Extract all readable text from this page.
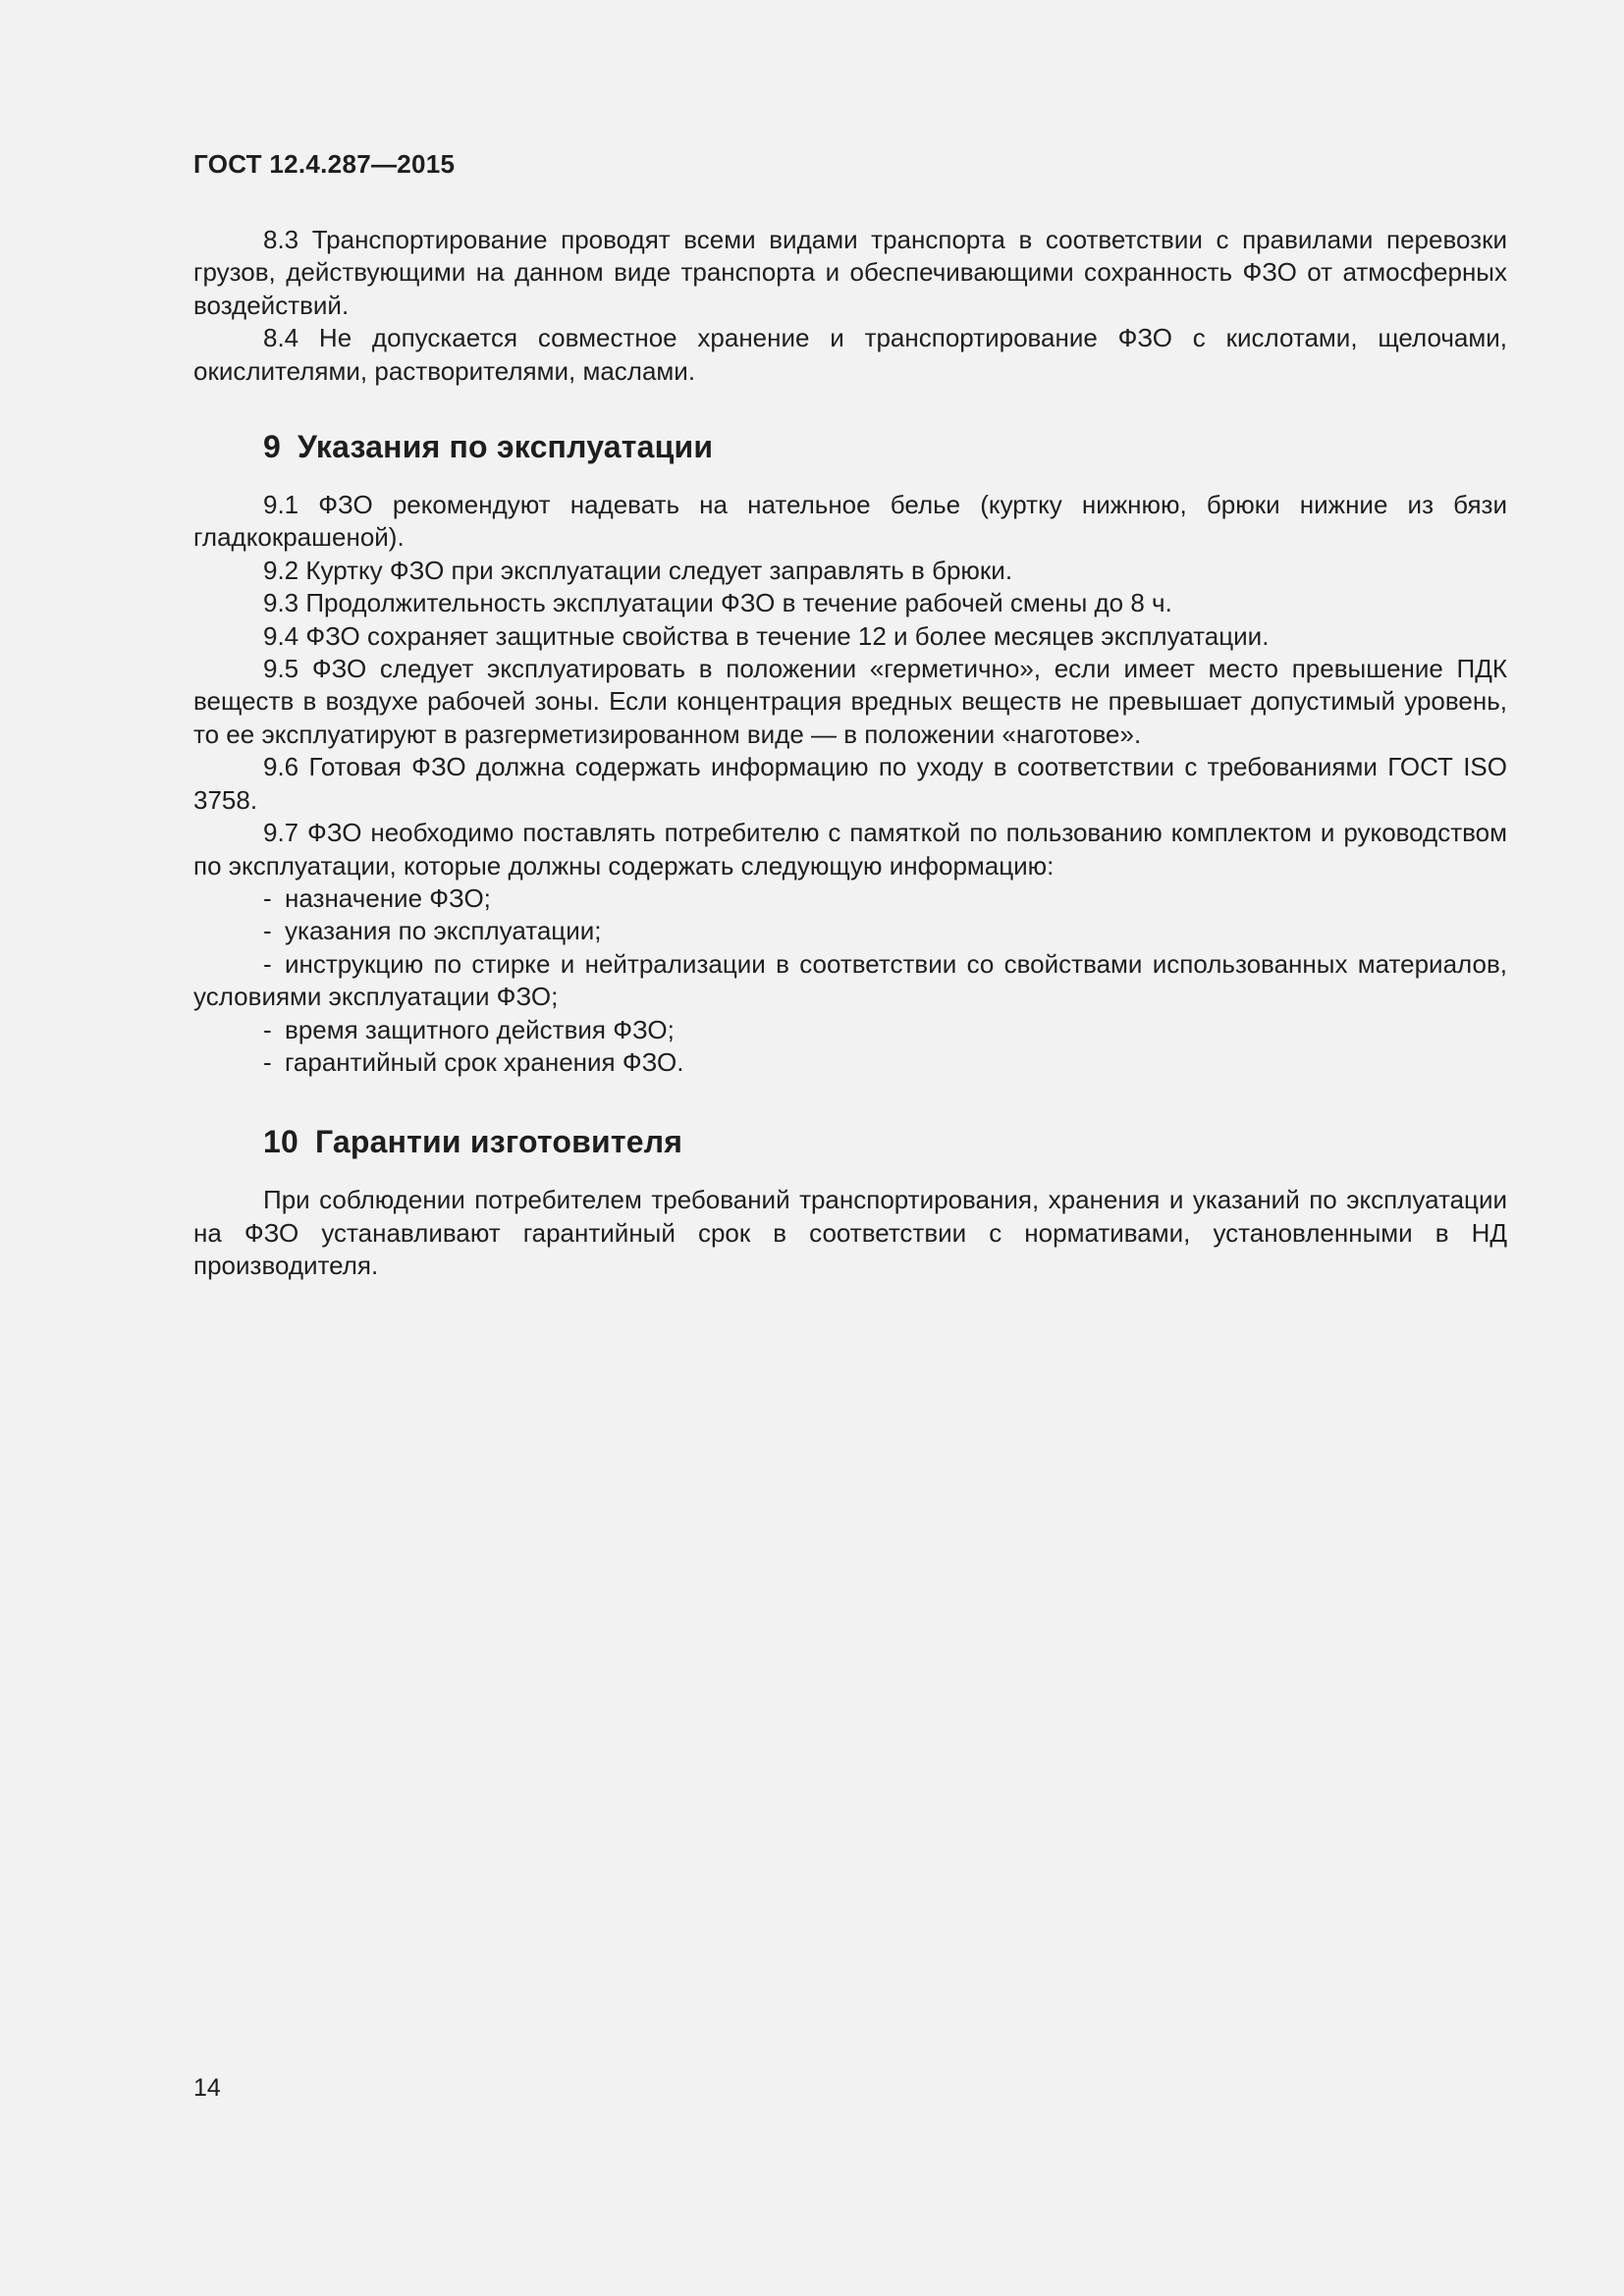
ГОСТ 12.4.287—2015

8.3 Транспортирование проводят всеми видами транспорта в соответствии с правилами перевозки грузов, действующими на данном виде транспорта и обеспечивающими сохранность ФЗО от атмосферных воздействий.

8.4 Не допускается совместное хранение и транспортирование ФЗО с кислотами, щелочами, окислителями, растворителями, маслами.

9 Указания по эксплуатации

9.1 ФЗО рекомендуют надевать на нательное белье (куртку нижнюю, брюки нижние из бязи гладкокрашеной).

9.2 Куртку ФЗО при эксплуатации следует заправлять в брюки.

9.3 Продолжительность эксплуатации ФЗО в течение рабочей смены до 8 ч.

9.4 ФЗО сохраняет защитные свойства в течение 12 и более месяцев эксплуатации.

9.5 ФЗО следует эксплуатировать в положении «герметично», если имеет место превышение ПДК веществ в воздухе рабочей зоны. Если концентрация вредных веществ не превышает допустимый уровень, то ее эксплуатируют в разгерметизированном виде — в положении «наготове».

9.6 Готовая ФЗО должна содержать информацию по уходу в соответствии с требованиями ГОСТ ISO 3758.

9.7 ФЗО необходимо поставлять потребителю с памяткой по пользованию комплектом и руководством по эксплуатации, которые должны содержать следующую информацию:

- назначение ФЗО;

- указания по эксплуатации;

- инструкцию по стирке и нейтрализации в соответствии со свойствами использованных материалов, условиями эксплуатации ФЗО;

- время защитного действия ФЗО;

- гарантийный срок хранения ФЗО.

10 Гарантии изготовителя

При соблюдении потребителем требований транспортирования, хранения и указаний по эксплуатации на ФЗО устанавливают гарантийный срок в соответствии с нормативами, установленными в НД производителя.

14
